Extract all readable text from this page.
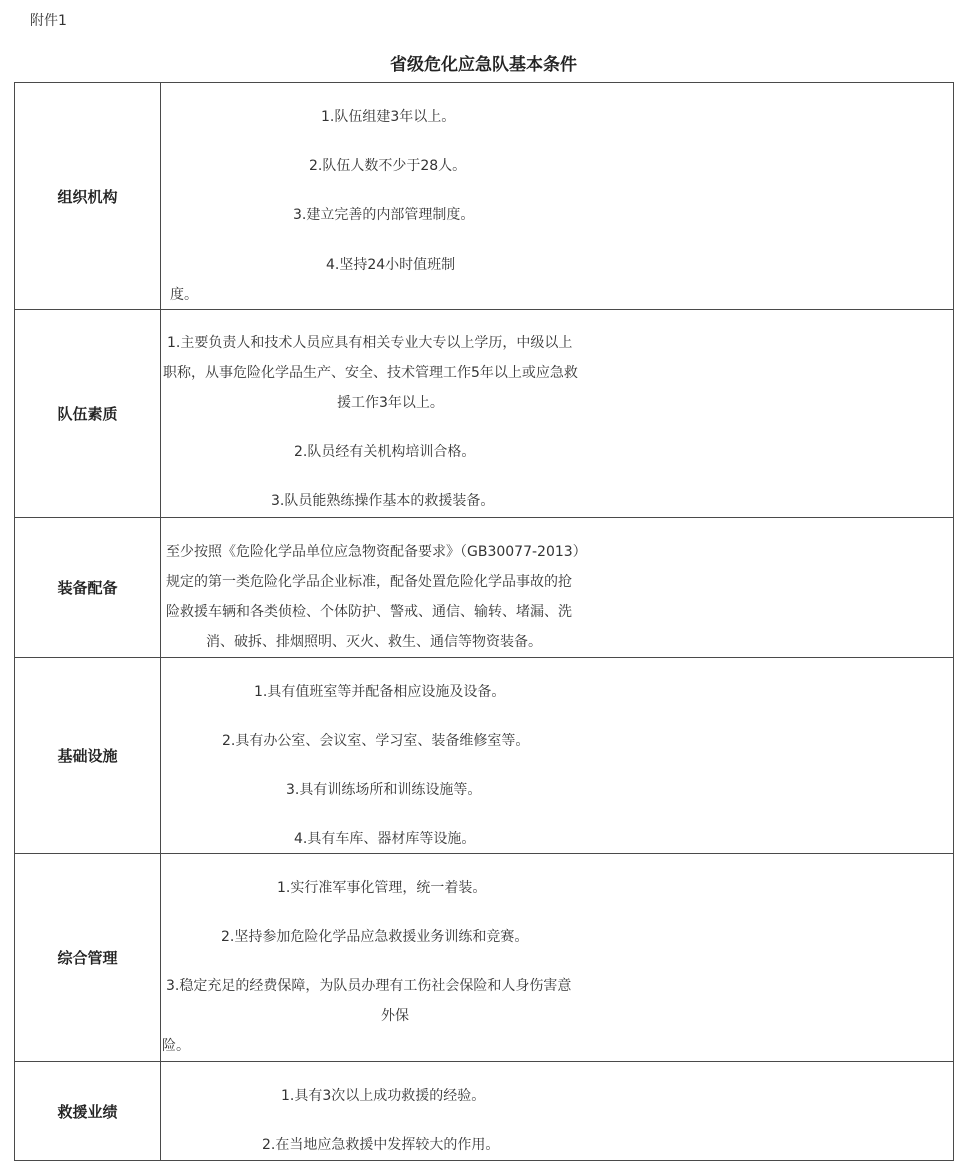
附件1
省级危化应急队基本条件
组织机构	1.队伍组建3年以上。
2.队伍人数不少于28人。
3.建立完善的内部管理制度。
4.坚持24小时值班制
度。

队伍素质	1.主要负责人和技术人员应具有相关专业大专以上学历，中级以上
职称，从事危险化学品生产、安全、技术管理工作5年以上或应急救
援工作3年以上。
2.队员经有关机构培训合格。
3.队员能熟练操作基本的救援装备。

装备配备	至少按照《危险化学品单位应急物资配备要求》（GB30077-2013）
规定的第一类危险化学品企业标准，配备处置危险化学品事故的抢
险救援车辆和各类侦检、个体防护、警戒、通信、输转、堵漏、洗
消、破拆、排烟照明、灭火、救生、通信等物资装备。

基础设施	1.具有值班室等并配备相应设施及设备。
2.具有办公室、会议室、学习室、装备维修室等。
3.具有训练场所和训练设施等。
4.具有车库、器材库等设施。

综合管理	1.实行准军事化管理，统一着装。
2.坚持参加危险化学品应急救援业务训练和竞赛。
3.稳定充足的经费保障，为队员办理有工伤社会保险和人身伤害意
外保
险。

救援业绩	1.具有3次以上成功救援的经验。
2.在当地应急救援中发挥较大的作用。
